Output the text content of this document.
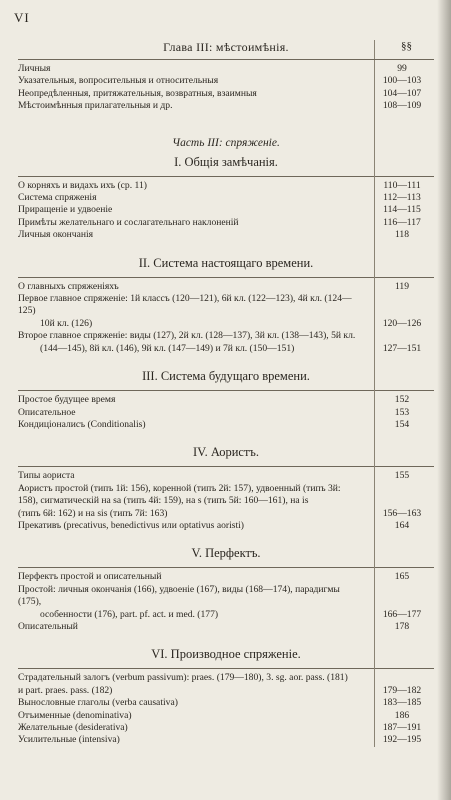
VI
Глава III: мѣстоимѣнія.	§§
Личныя	99
Указательныя, вопросительныя и относительныя	100—103
Неопредѣленныя, притяжательныя, возвратныя, взаимныя	104—107
Мѣстоимѣнныя прилагательныя и др.	108—109
Часть III: спряженіе.
I. Общія замѣчанія.
О корняхъ и видахъ ихъ (ср. 11)	110—111
Система спряженія	112—113
Приращеніе и удвоеніе	114—115
Примѣты желательнаго и сослагательнаго наклоненій	116—117
Личныя окончанія	118
II. Система настоящаго времени.
О главныхъ спряженіяхъ	119
Первое главное спряженіе: 1й классъ (120—121), 6й кл. (122—123), 4й кл. (124—125)
10й кл. (126)	120—126
Второе главное спряженіе: виды (127), 2й кл. (128—137), 3й кл. (138—143), 5й кл.
(144—145), 8й кл. (146), 9й кл. (147—149) и 7й кл. (150—151)	127—151
III. Система будущаго времени.
Простое будущее время	152
Описательное	153
Кондиціоналисъ (Conditionalis)	154
IV. Аористъ.
Типы аориста	155
Аористъ простой (типъ 1й: 156), коренной (типъ 2й: 157), удвоенный (типъ 3й:
158), сигматическій на sa (типъ 4й: 159), на s (типъ 5й: 160—161), на is
(типъ 6й: 162) и на sis (типъ 7й: 163)	156—163
Прекативъ (precativus, benedictivus или optativus aoristi)	164
V. Перфектъ.
Перфектъ простой и описательный	165
Простой: личныя окончанія (166), удвоеніе (167), виды (168—174), парадигмы (175),
особенности (176), part. pf. act. и med. (177)	166—177
Описательный	178
VI. Производное спряженіе.
Страдательный залогъ (verbum passivum): praes. (179—180), 3. sg. aor. pass. (181)
и part. praes. pass. (182)	179—182
Вынословные глаголы (verba causativa)	183—185
Отъименные (denominativa)	186
Желательные (desiderativa)	187—191
Усилительные (intensiva)	192—195
